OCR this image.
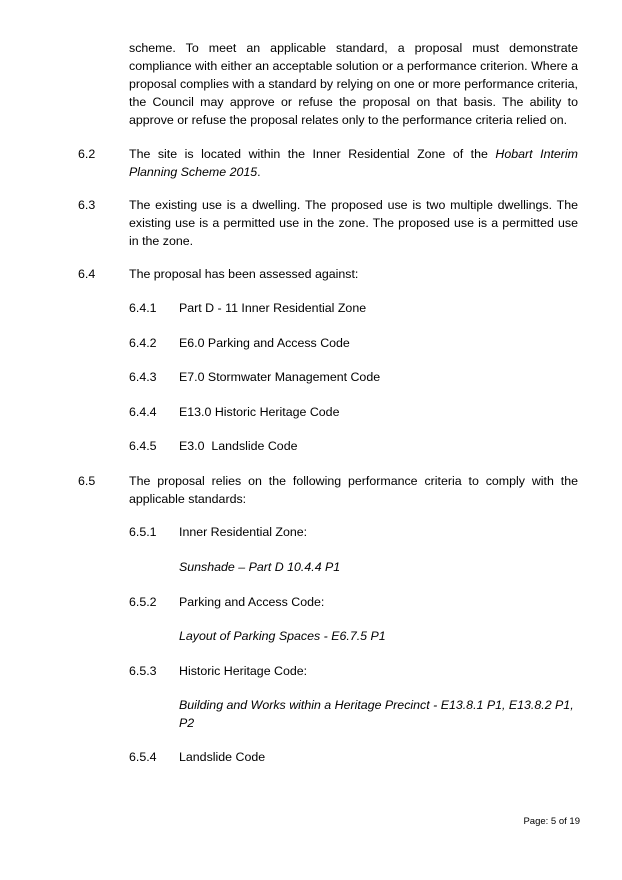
scheme. To meet an applicable standard, a proposal must demonstrate compliance with either an acceptable solution or a performance criterion. Where a proposal complies with a standard by relying on one or more performance criteria, the Council may approve or refuse the proposal on that basis. The ability to approve or refuse the proposal relates only to the performance criteria relied on.

6.2	The site is located within the Inner Residential Zone of the Hobart Interim Planning Scheme 2015.

6.3	The existing use is a dwelling. The proposed use is two multiple dwellings. The existing use is a permitted use in the zone. The proposed use is a permitted use in the zone.

6.4	The proposal has been assessed against:

6.4.1 Part D - 11 Inner Residential Zone

6.4.2 E6.0 Parking and Access Code

6.4.3 E7.0 Stormwater Management Code

6.4.4 E13.0 Historic Heritage Code

6.4.5 E3.0  Landslide Code

6.5	The proposal relies on the following performance criteria to comply with the applicable standards:

6.5.1 Inner Residential Zone:

Sunshade – Part D 10.4.4 P1

6.5.2 Parking and Access Code:

Layout of Parking Spaces - E6.7.5 P1

6.5.3 Historic Heritage Code:

Building and Works within a Heritage Precinct - E13.8.1 P1, E13.8.2 P1, P2

6.5.4 Landslide Code

Page: 5 of 19
